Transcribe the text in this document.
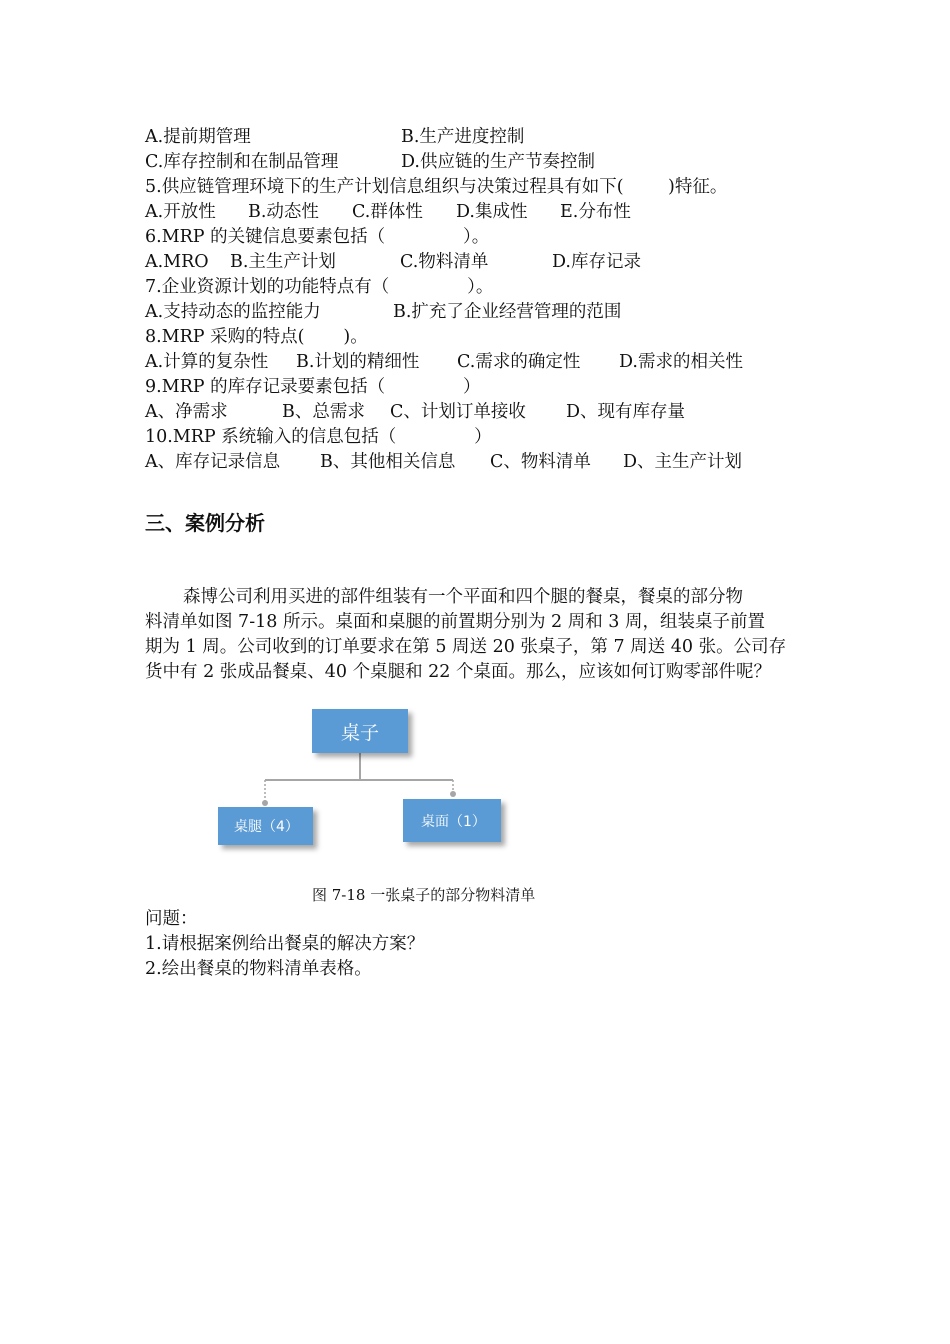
A.提前期管理

	B.生产进度控制

C.库存控制和在制品管理

	D.供应链的生产节奏控制

5.供应链管理环境下的生产计划信息组织与决策过程具有如下(        )特征。

A.开放性

B.动态性

C.群体性

D.集成性

E.分布性

6.MRP 的关键信息要素包括（              ）。

A.MRO

B.主生产计划

	C.物料清单

	D.库存记录

7.企业资源计划的功能特点有（              ）。

A.支持动态的监控能力

	B.扩充了企业经营管理的范围

8.MRP 采购的特点(       )。

A.计算的复杂性

B.计划的精细性

C.需求的确定性

D.需求的相关性

9.MRP 的库存记录要素包括（              ）

A、净需求

	B、总需求

C、计划订单接收

D、现有库存量

10.MRP 系统输入的信息包括（              ）

A、库存记录信息

B、其他相关信息

C、物料清单

D、主生产计划

三、案例分析
森博公司利用买进的部件组装有一个平面和四个腿的餐桌，餐桌的部分物
料清单如图 7-18 所示。桌面和桌腿的前置期分别为 2 周和 3 周，组装桌子前置
期为 1 周。公司收到的订单要求在第 5 周送 20 张桌子，第 7 周送 40 张。公司存
货中有 2 张成品餐桌、40 个桌腿和 22 个桌面。那么，应该如何订购零部件呢？
桌子
桌腿（4）	桌面（1）
图 7-18 一张桌子的部分物料清单
问题：
1.请根据案例给出餐桌的解决方案？
2.绘出餐桌的物料清单表格。
